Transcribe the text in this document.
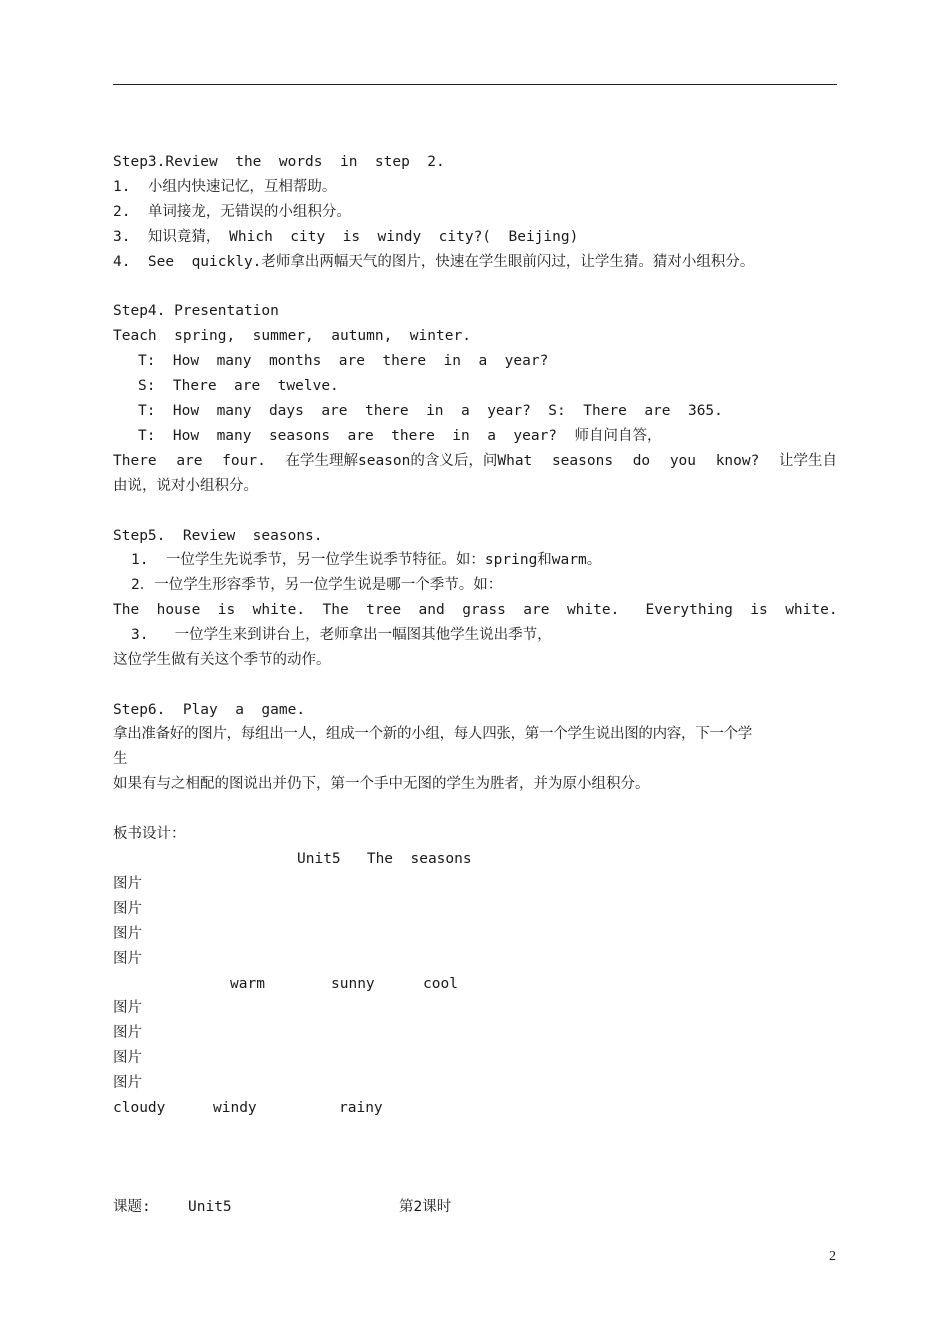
Step3.Review  the  words  in  step  2.
1.  小组内快速记忆，互相帮助。
2.  单词接龙，无错误的小组积分。
3.  知识竟猜， Which  city  is  windy  city?(  Beijing)
4.  See  quickly.老师拿出两幅天气的图片，快速在学生眼前闪过，让学生猜。猜对小组积分。
Step4. Presentation
Teach  spring,  summer,  autumn,  winter.
T:  How  many  months  are  there  in  a  year?
S:  There  are  twelve.
T:  How  many  days  are  there  in  a  year?  S:  There  are  365.
T:  How  many  seasons  are  there  in  a  year?  师自问自答，
There are four. 在学生理解season的含义后，问What seasons do you know? 让学生自
由说，说对小组积分。
Step5.  Review  seasons.
1.  一位学生先说季节，另一位学生说季节特征。如：spring和warm。
2．一位学生形容季节，另一位学生说是哪一个季节。如：
The  house  is  white.  The  tree  and  grass  are  white.   Everything  is  white.
3.   一位学生来到讲台上，老师拿出一幅图其他学生说出季节，
这位学生做有关这个季节的动作。
Step6.  Play  a  game.
拿出准备好的图片，每组出一人，组成一个新的小组，每人四张，第一个学生说出图的内容，下一个学
生
如果有与之相配的图说出并仍下，第一个手中无图的学生为胜者，并为原小组积分。
板书设计：
Unit5   The  seasons
图片
图片
图片
图片
warm	sunny	cool
图片
图片
图片
图片
cloudy	windy	rainy
课题:	Unit5	第2课时
2
